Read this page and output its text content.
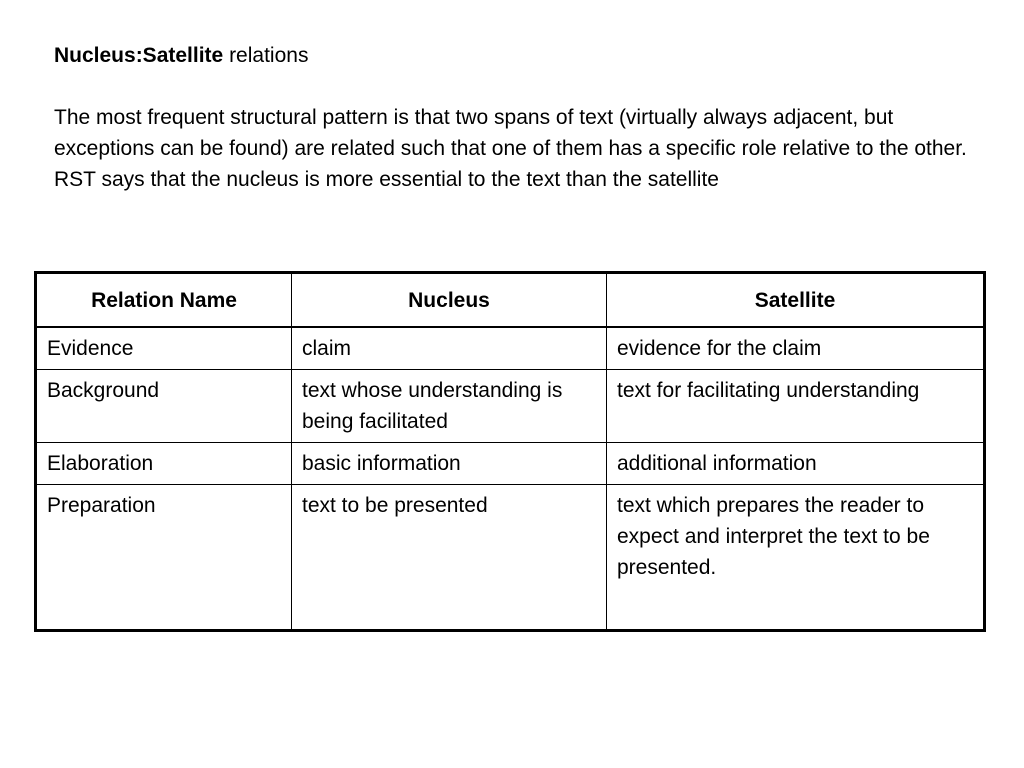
Nucleus:Satellite relations
The most frequent structural pattern is that two spans of text (virtually always adjacent, but exceptions can be found) are related such that one of them has a specific role relative to the other. RST says that the nucleus is more essential to the text than the satellite
Relation Name	Nucleus	Satellite
Evidence	claim	evidence for the claim
Background	text whose understanding is being facilitated	text for facilitating understanding
Elaboration	basic information	additional information
Preparation	text to be presented	text which prepares the reader to expect and interpret the text to be presented.
